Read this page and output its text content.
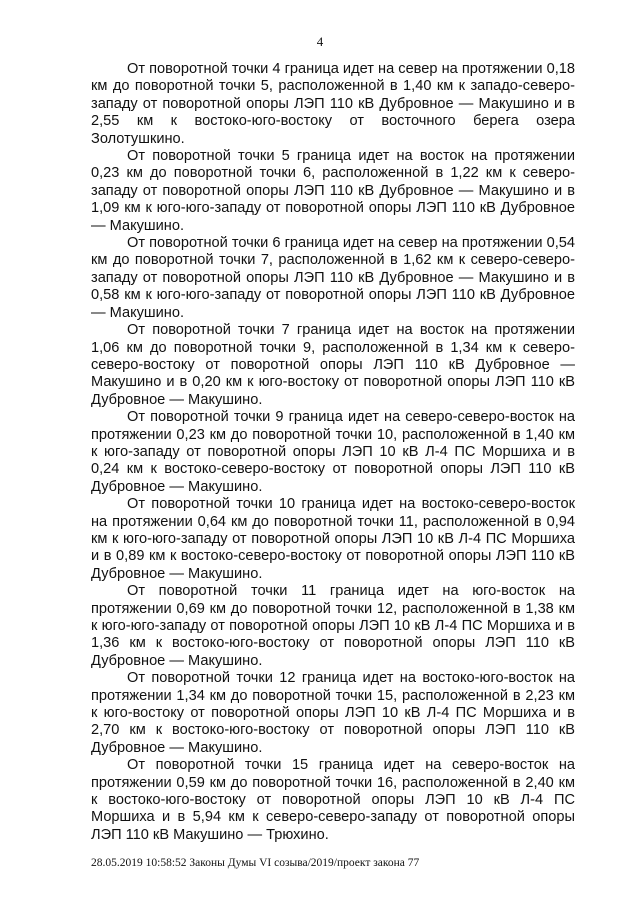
4

От поворотной точки 4 граница идет на север на протяжении 0,18 км до поворотной точки 5, расположенной в 1,40 км к западо-северо-западу от поворотной опоры ЛЭП 110 кВ Дубровное — Макушино и в 2,55 км к востоко-юго-востоку от восточного берега озера Золотушкино.

От поворотной точки 5 граница идет на восток на протяжении 0,23 км до поворотной точки 6, расположенной в 1,22 км к северо-западу от поворотной опоры ЛЭП 110 кВ Дубровное — Макушино и в 1,09 км к юго-юго-западу от поворотной опоры ЛЭП 110 кВ Дубровное — Макушино.

От поворотной точки 6 граница идет на север на протяжении 0,54 км до поворотной точки 7, расположенной в 1,62 км к северо-северо-западу от поворотной опоры ЛЭП 110 кВ Дубровное — Макушино и в 0,58 км к юго-юго-западу от поворотной опоры ЛЭП 110 кВ Дубровное — Макушино.

От поворотной точки 7 граница идет на восток на протяжении 1,06 км до поворотной точки 9, расположенной в 1,34 км к северо-северо-востоку от поворотной опоры ЛЭП 110 кВ Дубровное — Макушино и в 0,20 км к юго-востоку от поворотной опоры ЛЭП 110 кВ Дубровное — Макушино.

От поворотной точки 9 граница идет на северо-северо-восток на протяжении 0,23 км до поворотной точки 10, расположенной в 1,40 км к юго-западу от поворотной опоры ЛЭП 10 кВ Л-4 ПС Моршиха и в 0,24 км к востоко-северо-востоку от поворотной опоры ЛЭП 110 кВ Дубровное — Макушино.

От поворотной точки 10 граница идет на востоко-северо-восток на протяжении 0,64 км до поворотной точки 11, расположенной в 0,94 км к юго-юго-западу от поворотной опоры ЛЭП 10 кВ Л-4 ПС Моршиха и в 0,89 км к востоко-северо-востоку от поворотной опоры ЛЭП 110 кВ Дубровное — Макушино.

От поворотной точки 11 граница идет на юго-восток на протяжении 0,69 км до поворотной точки 12, расположенной в 1,38 км к юго-юго-западу от поворотной опоры ЛЭП 10 кВ Л-4 ПС Моршиха и в 1,36 км к востоко-юго-востоку от поворотной опоры ЛЭП 110 кВ Дубровное — Макушино.

От поворотной точки 12 граница идет на востоко-юго-восток на протяжении 1,34 км до поворотной точки 15, расположенной в 2,23 км к юго-востоку от поворотной опоры ЛЭП 10 кВ Л-4 ПС Моршиха и в 2,70 км к востоко-юго-востоку от поворотной опоры ЛЭП 110 кВ Дубровное — Макушино.

От поворотной точки 15 граница идет на северо-восток на протяжении 0,59 км до поворотной точки 16, расположенной в 2,40 км к востоко-юго-востоку от поворотной опоры ЛЭП 10 кВ Л-4 ПС Моршиха и в 5,94 км к северо-северо-западу от поворотной опоры ЛЭП 110 кВ Макушино — Трюхино.

28.05.2019 10:58:52 Законы Думы VI созыва/2019/проект закона 77
